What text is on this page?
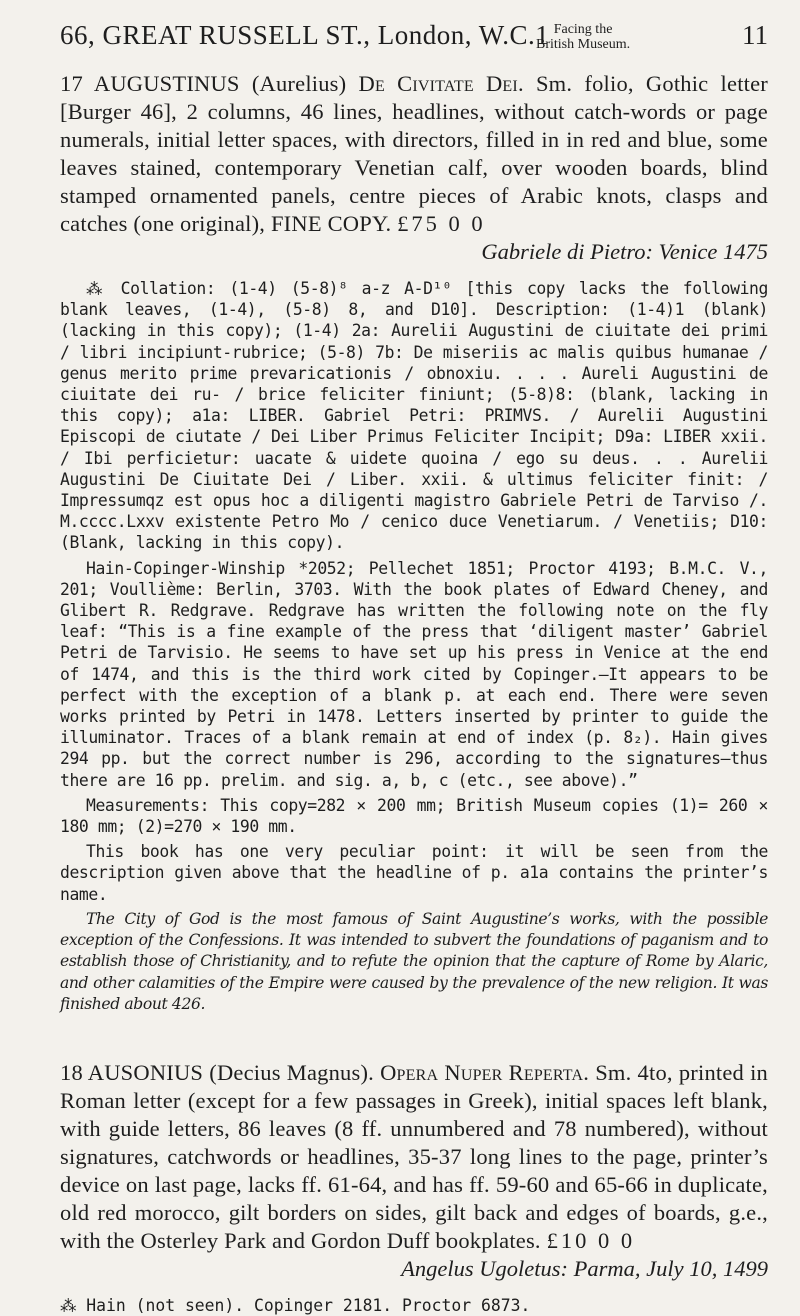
66, GREAT RUSSELL ST., London, W.C.1 Facing the
British Museum.	11

17 AUGUSTINUS (Aurelius) De Civitate Dei. Sm. folio, Gothic letter [Burger 46], 2 columns, 46 lines, headlines, without catch-words or page numerals, initial letter spaces, with directors, filled in in red and blue, some leaves stained, contemporary Venetian calf, over wooden boards, blind stamped ornamented panels, centre pieces of Arabic knots, clasps and catches (one original), FINE COPY. £75 0 0

Gabriele di Pietro: Venice 1475

⁂ Collation: (1-4) (5-8)⁸ a-z A-D¹⁰ [this copy lacks the following blank leaves, (1-4), (5-8) 8, and D10]. Description: (1-4)1 (blank) (lacking in this copy); (1-4) 2a: Aurelii Augustini de ciuitate dei primi / libri incipiunt-rubrice; (5-8) 7b: De miseriis ac malis quibus humanae / genus merito prime prevaricationis / obnoxiu. . . . Aureli Augustini de ciuitate dei ru- / brice feliciter finiunt; (5-8)8: (blank, lacking in this copy); a1a: LIBER. Gabriel Petri: PRIMVS. / Aurelii Augustini Episcopi de ciutate / Dei Liber Primus Feliciter Incipit; D9a: LIBER xxii. / Ibi perficietur: uacate & uidete quoina / ego su deus. . . Aurelii Augustini De Ciuitate Dei / Liber. xxii. & ultimus feliciter finit: / Impressumqz est opus hoc a diligenti magistro Gabriele Petri de Tarviso /. M.cccc.Lxxv existente Petro Mo / cenico duce Venetiarum. / Venetiis; D10: (Blank, lacking in this copy).

Hain-Copinger-Winship *2052; Pellechet 1851; Proctor 4193; B.M.C. V., 201; Voullième: Berlin, 3703. With the book plates of Edward Cheney, and Glibert R. Redgrave. Redgrave has written the following note on the fly leaf: “This is a fine example of the press that ‘diligent master’ Gabriel Petri de Tarvisio. He seems to have set up his press in Venice at the end of 1474, and this is the third work cited by Copinger.—It appears to be perfect with the exception of a blank p. at each end. There were seven works printed by Petri in 1478. Letters inserted by printer to guide the illuminator. Traces of a blank remain at end of index (p. 8₂). Hain gives 294 pp. but the correct number is 296, according to the signatures—thus there are 16 pp. prelim. and sig. a, b, c (etc., see above).”

Measurements: This copy=282 × 200 mm; British Museum copies (1)= 260 × 180 mm; (2)=270 × 190 mm.

This book has one very peculiar point: it will be seen from the description given above that the headline of p. a1a contains the printer’s name.

The City of God is the most famous of Saint Augustine’s works, with the possible exception of the Confessions. It was intended to subvert the foundations of paganism and to establish those of Christianity, and to refute the opinion that the capture of Rome by Alaric, and other calamities of the Empire were caused by the prevalence of the new religion. It was finished about 426.

18 AUSONIUS (Decius Magnus). Opera Nuper Reperta. Sm. 4to, printed in Roman letter (except for a few passages in Greek), initial spaces left blank, with guide letters, 86 leaves (8 ff. unnumbered and 78 numbered), without signatures, catchwords or headlines, 35-37 long lines to the page, printer’s device on last page, lacks ff. 61-64, and has ff. 59-60 and 65-66 in duplicate, old red morocco, gilt borders on sides, gilt back and edges of boards, g.e., with the Osterley Park and Gordon Duff bookplates. £10 0 0

Angelus Ugoletus: Parma, July 10, 1499
⁂ Hain (not seen). Copinger 2181. Proctor 6873.
